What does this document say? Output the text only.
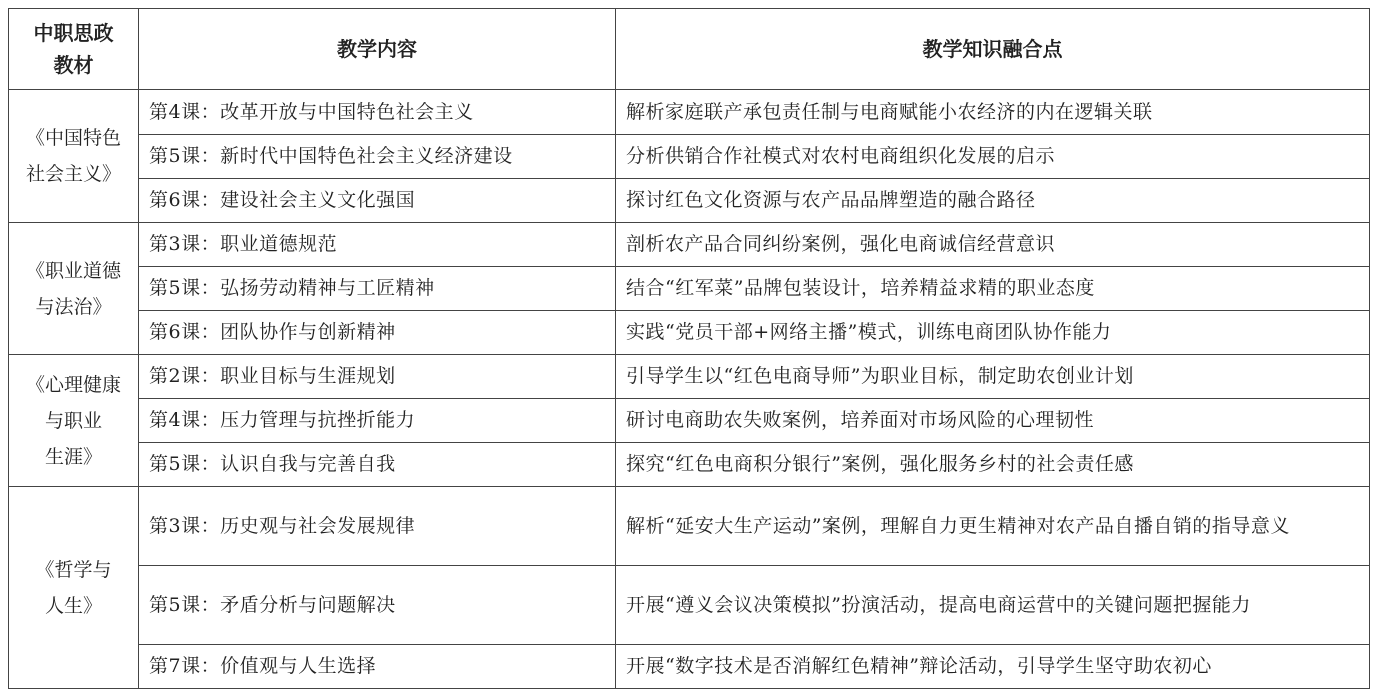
中职思政
教材	教学内容	教学知识融合点

《中国特色
社会主义》	第4课：改革开放与中国特色社会主义	解析家庭联产承包责任制与电商赋能小农经济的内在逻辑关联
	第5课：新时代中国特色社会主义经济建设	分析供销合作社模式对农村电商组织化发展的启示
	第6课：建设社会主义文化强国	探讨红色文化资源与农产品品牌塑造的融合路径

《职业道德
与法治》	第3课：职业道德规范	剖析农产品合同纠纷案例，强化电商诚信经营意识
	第5课：弘扬劳动精神与工匠精神	结合“红军菜”品牌包装设计，培养精益求精的职业态度
	第6课：团队协作与创新精神	实践“党员干部+网络主播”模式，训练电商团队协作能力

《心理健康
与职业
生涯》	第2课：职业目标与生涯规划	引导学生以“红色电商导师”为职业目标，制定助农创业计划
	第4课：压力管理与抗挫折能力	研讨电商助农失败案例，培养面对市场风险的心理韧性
	第5课：认识自我与完善自我	探究“红色电商积分银行”案例，强化服务乡村的社会责任感

《哲学与
人生》	第3课：历史观与社会发展规律	解析“延安大生产运动”案例，理解自力更生精神对农产品自播自销的指导意义
	第5课：矛盾分析与问题解决	开展“遵义会议决策模拟”扮演活动，提高电商运营中的关键问题把握能力
	第7课：价值观与人生选择	开展“数字技术是否消解红色精神”辩论活动，引导学生坚守助农初心
